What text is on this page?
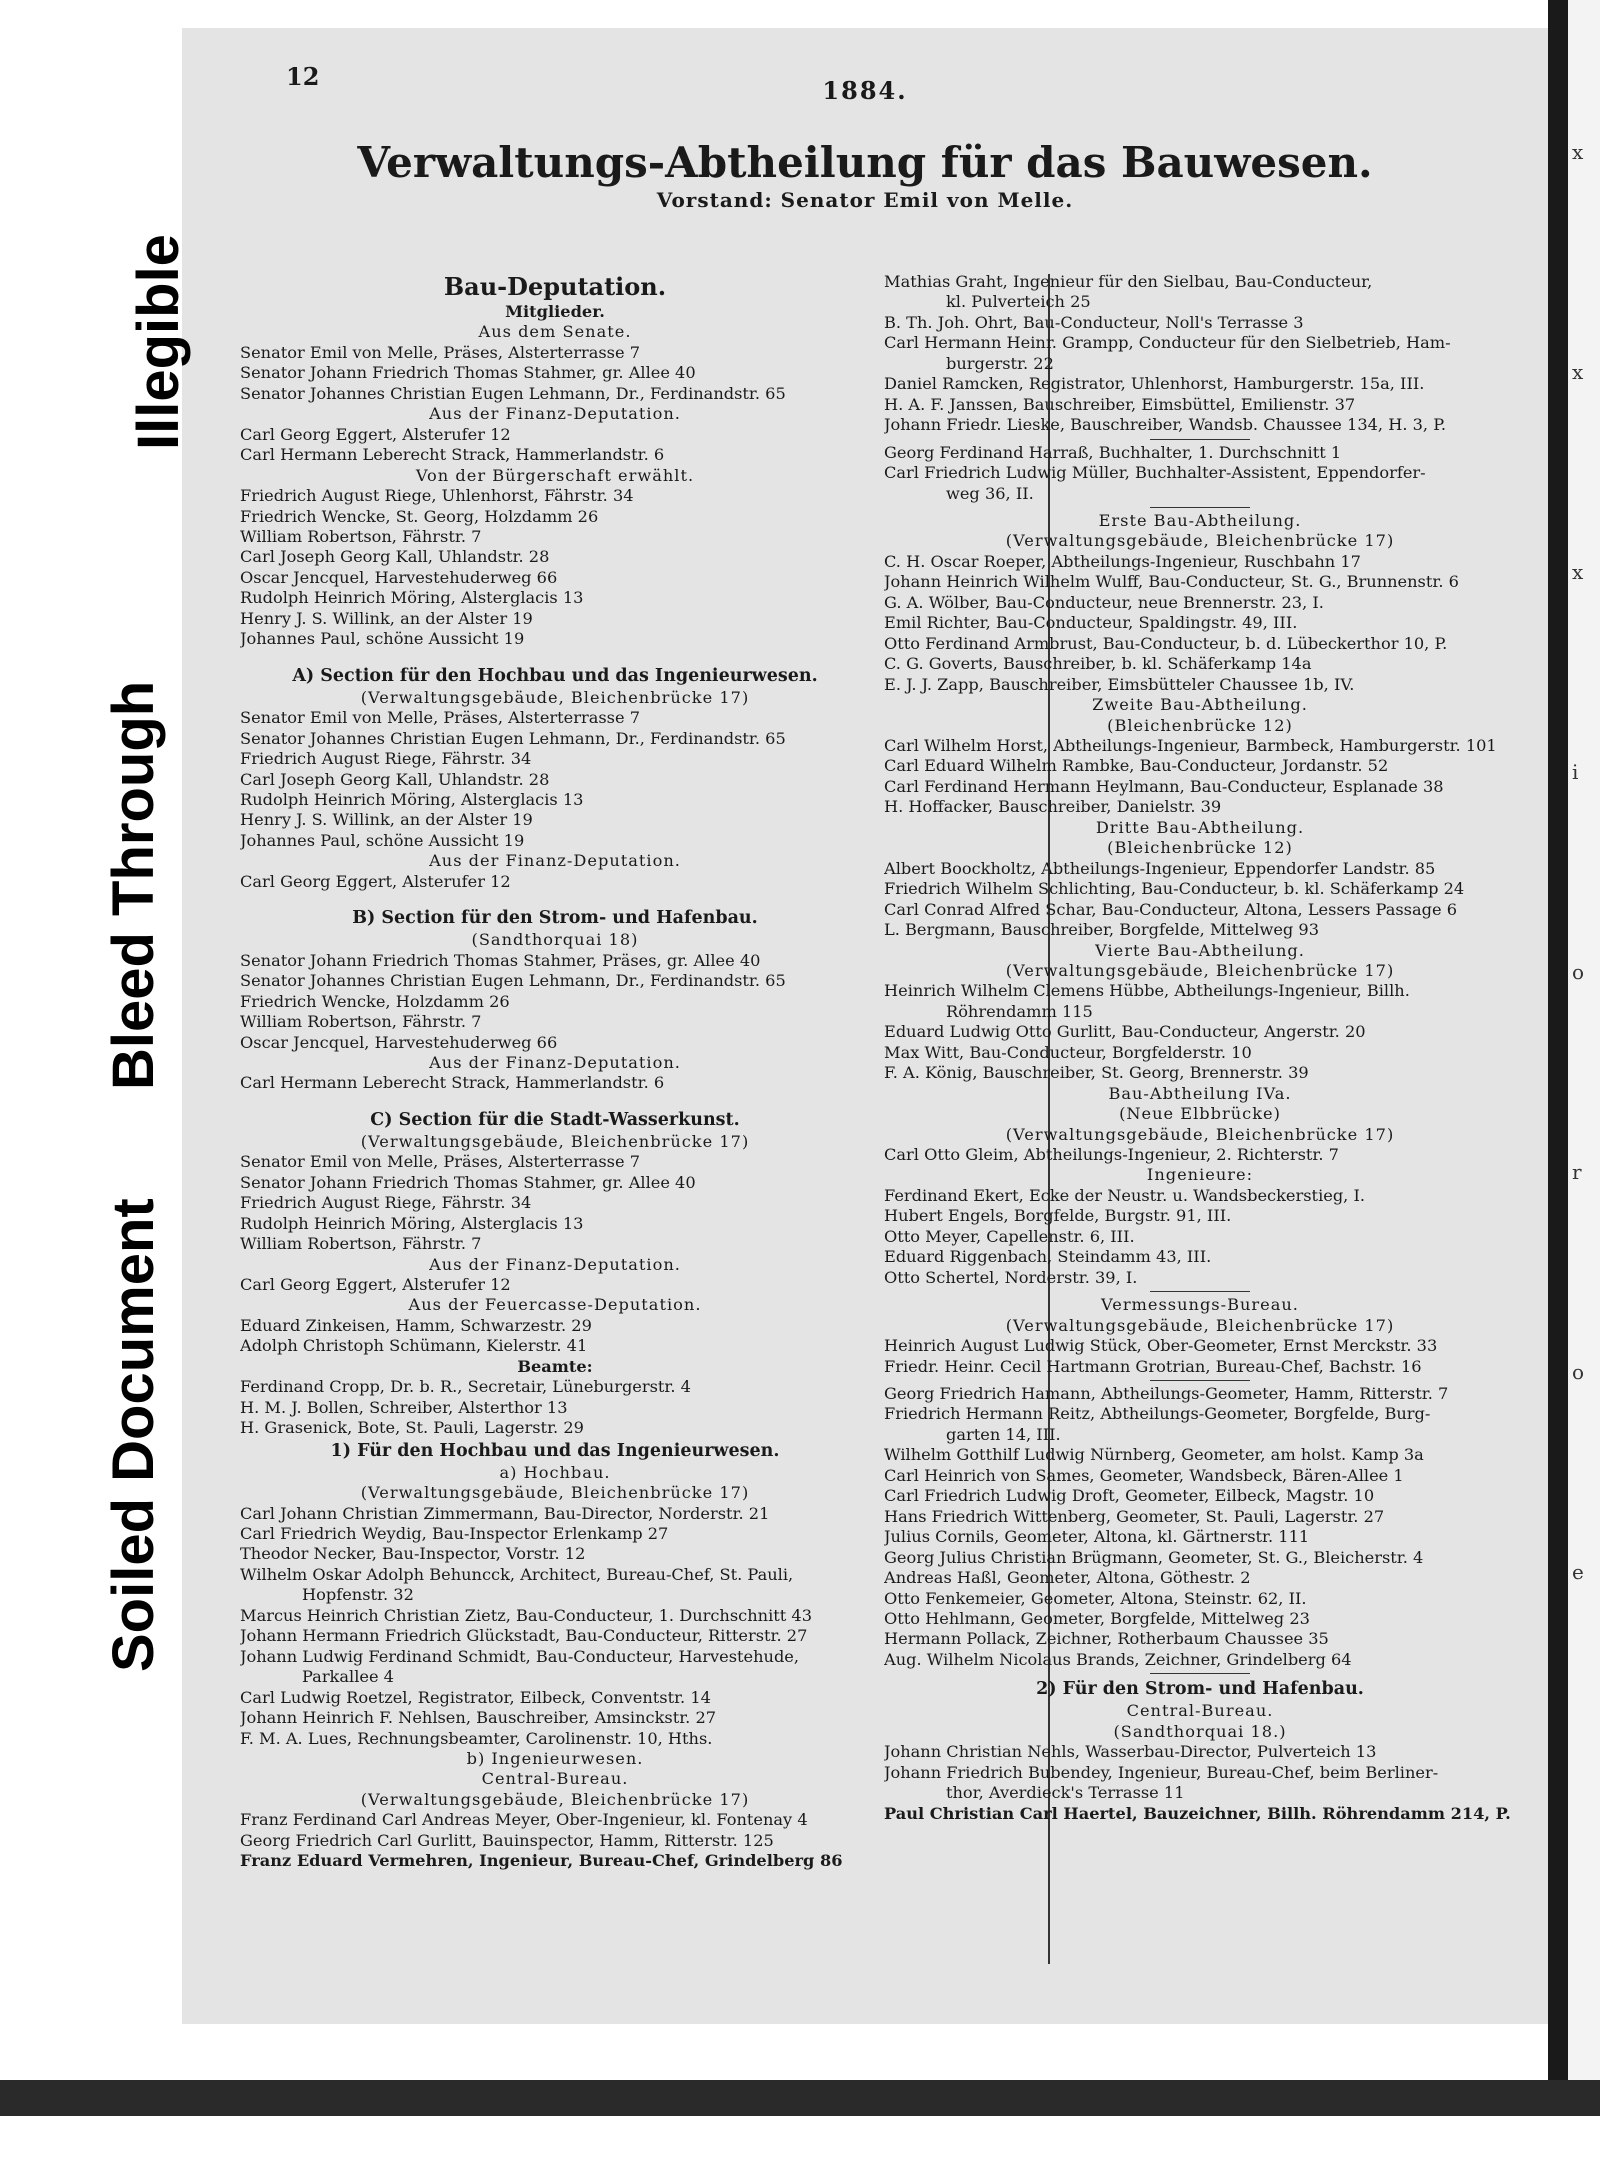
12	1884.
Verwaltungs-Abtheilung für das Bauwesen.
Vorstand: Senator Emil von Melle.
Bau-Deputation.
Mitglieder.
Aus dem Senate.
Senator Emil von Melle, Präses, Alsterterrasse 7
Senator Johann Friedrich Thomas Stahmer, gr. Allee 40
Senator Johannes Christian Eugen Lehmann, Dr., Ferdinandstr. 65
Aus der Finanz-Deputation.
Carl Georg Eggert, Alsterufer 12
Carl Hermann Leberecht Strack, Hammerlandstr. 6
Von der Bürgerschaft erwählt.
Friedrich August Riege, Uhlenhorst, Fährstr. 34
Friedrich Wencke, St. Georg, Holzdamm 26
William Robertson, Fährstr. 7
Carl Joseph Georg Kall, Uhlandstr. 28
Oscar Jencquel, Harvestehuderweg 66
Rudolph Heinrich Möring, Alsterglacis 13
Henry J. S. Willink, an der Alster 19
Johannes Paul, schöne Aussicht 19
A) Section für den Hochbau und das Ingenieurwesen.
(Verwaltungsgebäude, Bleichenbrücke 17)
Senator Emil von Melle, Präses, Alsterterrasse 7
Senator Johannes Christian Eugen Lehmann, Dr., Ferdinandstr. 65
Friedrich August Riege, Fährstr. 34
Carl Joseph Georg Kall, Uhlandstr. 28
Rudolph Heinrich Möring, Alsterglacis 13
Henry J. S. Willink, an der Alster 19
Johannes Paul, schöne Aussicht 19
Aus der Finanz-Deputation.
Carl Georg Eggert, Alsterufer 12
B) Section für den Strom- und Hafenbau.
(Sandthorquai 18)
Senator Johann Friedrich Thomas Stahmer, Präses, gr. Allee 40
Senator Johannes Christian Eugen Lehmann, Dr., Ferdinandstr. 65
Friedrich Wencke, Holzdamm 26
William Robertson, Fährstr. 7
Oscar Jencquel, Harvestehuderweg 66
Aus der Finanz-Deputation.
Carl Hermann Leberecht Strack, Hammerlandstr. 6
C) Section für die Stadt-Wasserkunst.
(Verwaltungsgebäude, Bleichenbrücke 17)
Senator Emil von Melle, Präses, Alsterterrasse 7
Senator Johann Friedrich Thomas Stahmer, gr. Allee 40
Friedrich August Riege, Fährstr. 34
Rudolph Heinrich Möring, Alsterglacis 13
William Robertson, Fährstr. 7
Aus der Finanz-Deputation.
Carl Georg Eggert, Alsterufer 12
Aus der Feuercasse-Deputation.
Eduard Zinkeisen, Hamm, Schwarzestr. 29
Adolph Christoph Schümann, Kielerstr. 41
Beamte:
Ferdinand Cropp, Dr. b. R., Secretair, Lüneburgerstr. 4
H. M. J. Bollen, Schreiber, Alsterthor 13
H. Grasenick, Bote, St. Pauli, Lagerstr. 29
1) Für den Hochbau und das Ingenieurwesen.
a) Hochbau.
(Verwaltungsgebäude, Bleichenbrücke 17)
Carl Johann Christian Zimmermann, Bau-Director, Norderstr. 21
Carl Friedrich Weydig, Bau-Inspector Erlenkamp 27
Theodor Necker, Bau-Inspector, Vorstr. 12
Wilhelm Oskar Adolph Behuncck, Architect, Bureau-Chef, St. Pauli,
Hopfenstr. 32
Marcus Heinrich Christian Zietz, Bau-Conducteur, 1. Durchschnitt 43
Johann Hermann Friedrich Glückstadt, Bau-Conducteur, Ritterstr. 27
Johann Ludwig Ferdinand Schmidt, Bau-Conducteur, Harvestehude,
Parkallee 4
Carl Ludwig Roetzel, Registrator, Eilbeck, Conventstr. 14
Johann Heinrich F. Nehlsen, Bauschreiber, Amsinckstr. 27
F. M. A. Lues, Rechnungsbeamter, Carolinenstr. 10, Hths.
b) Ingenieurwesen.
Central-Bureau.
(Verwaltungsgebäude, Bleichenbrücke 17)
Franz Ferdinand Carl Andreas Meyer, Ober-Ingenieur, kl. Fontenay 4
Georg Friedrich Carl Gurlitt, Bauinspector, Hamm, Ritterstr. 125
Franz Eduard Vermehren, Ingenieur, Bureau-Chef, Grindelberg 86
Mathias Graht, Ingenieur für den Sielbau, Bau-Conducteur,
kl. Pulverteich 25
B. Th. Joh. Ohrt, Bau-Conducteur, Noll's Terrasse 3
Carl Hermann Heinr. Grampp, Conducteur für den Sielbetrieb, Ham-
burgerstr. 22
Daniel Ramcken, Registrator, Uhlenhorst, Hamburgerstr. 15a, III.
H. A. F. Janssen, Bauschreiber, Eimsbüttel, Emilienstr. 37
Johann Friedr. Lieske, Bauschreiber, Wandsb. Chaussee 134, H. 3, P.
Georg Ferdinand Harraß, Buchhalter, 1. Durchschnitt 1
Carl Friedrich Ludwig Müller, Buchhalter-Assistent, Eppendorfer-
weg 36, II.
Erste Bau-Abtheilung.
(Verwaltungsgebäude, Bleichenbrücke 17)
C. H. Oscar Roeper, Abtheilungs-Ingenieur, Ruschbahn 17
Johann Heinrich Wilhelm Wulff, Bau-Conducteur, St. G., Brunnenstr. 6
G. A. Wölber, Bau-Conducteur, neue Brennerstr. 23, I.
Emil Richter, Bau-Conducteur, Spaldingstr. 49, III.
Otto Ferdinand Armbrust, Bau-Conducteur, b. d. Lübeckerthor 10, P.
C. G. Goverts, Bauschreiber, b. kl. Schäferkamp 14a
E. J. J. Zapp, Bauschreiber, Eimsbütteler Chaussee 1b, IV.
Zweite Bau-Abtheilung.
(Bleichenbrücke 12)
Carl Wilhelm Horst, Abtheilungs-Ingenieur, Barmbeck, Hamburgerstr. 101
Carl Eduard Wilhelm Rambke, Bau-Conducteur, Jordanstr. 52
Carl Ferdinand Hermann Heylmann, Bau-Conducteur, Esplanade 38
H. Hoffacker, Bauschreiber, Danielstr. 39
Dritte Bau-Abtheilung.
(Bleichenbrücke 12)
Albert Boockholtz, Abtheilungs-Ingenieur, Eppendorfer Landstr. 85
Friedrich Wilhelm Schlichting, Bau-Conducteur, b. kl. Schäferkamp 24
Carl Conrad Alfred Schar, Bau-Conducteur, Altona, Lessers Passage 6
L. Bergmann, Bauschreiber, Borgfelde, Mittelweg 93
Vierte Bau-Abtheilung.
(Verwaltungsgebäude, Bleichenbrücke 17)
Heinrich Wilhelm Clemens Hübbe, Abtheilungs-Ingenieur, Billh.
Röhrendamm 115
Eduard Ludwig Otto Gurlitt, Bau-Conducteur, Angerstr. 20
Max Witt, Bau-Conducteur, Borgfelderstr. 10
F. A. König, Bauschreiber, St. Georg, Brennerstr. 39
Bau-Abtheilung IVa.
(Neue Elbbrücke)
(Verwaltungsgebäude, Bleichenbrücke 17)
Carl Otto Gleim, Abtheilungs-Ingenieur, 2. Richterstr. 7
Ingenieure:
Ferdinand Ekert, Ecke der Neustr. u. Wandsbeckerstieg, I.
Hubert Engels, Borgfelde, Burgstr. 91, III.
Otto Meyer, Capellenstr. 6, III.
Eduard Riggenbach, Steindamm 43, III.
Otto Schertel, Norderstr. 39, I.
Vermessungs-Bureau.
(Verwaltungsgebäude, Bleichenbrücke 17)
Heinrich August Ludwig Stück, Ober-Geometer, Ernst Merckstr. 33
Friedr. Heinr. Cecil Hartmann Grotrian, Bureau-Chef, Bachstr. 16
Georg Friedrich Hamann, Abtheilungs-Geometer, Hamm, Ritterstr. 7
Friedrich Hermann Reitz, Abtheilungs-Geometer, Borgfelde, Burg-
garten 14, III.
Wilhelm Gotthilf Ludwig Nürnberg, Geometer, am holst. Kamp 3a
Carl Heinrich von Sames, Geometer, Wandsbeck, Bären-Allee 1
Carl Friedrich Ludwig Droft, Geometer, Eilbeck, Magstr. 10
Hans Friedrich Wittenberg, Geometer, St. Pauli, Lagerstr. 27
Julius Cornils, Geometer, Altona, kl. Gärtnerstr. 111
Georg Julius Christian Brügmann, Geometer, St. G., Bleicherstr. 4
Andreas Haßl, Geometer, Altona, Göthestr. 2
Otto Fenkemeier, Geometer, Altona, Steinstr. 62, II.
Otto Hehlmann, Geometer, Borgfelde, Mittelweg 23
Hermann Pollack, Zeichner, Rotherbaum Chaussee 35
Aug. Wilhelm Nicolaus Brands, Zeichner, Grindelberg 64
2) Für den Strom- und Hafenbau.
Central-Bureau.
(Sandthorquai 18.)
Johann Christian Nehls, Wasserbau-Director, Pulverteich 13
Johann Friedrich Bubendey, Ingenieur, Bureau-Chef, beim Berliner-
thor, Averdieck's Terrasse 11
Paul Christian Carl Haertel, Bauzeichner, Billh. Röhrendamm 214, P.
x
x
x
i
o
r
o
e
Illegible
Bleed Through
Soiled Document
